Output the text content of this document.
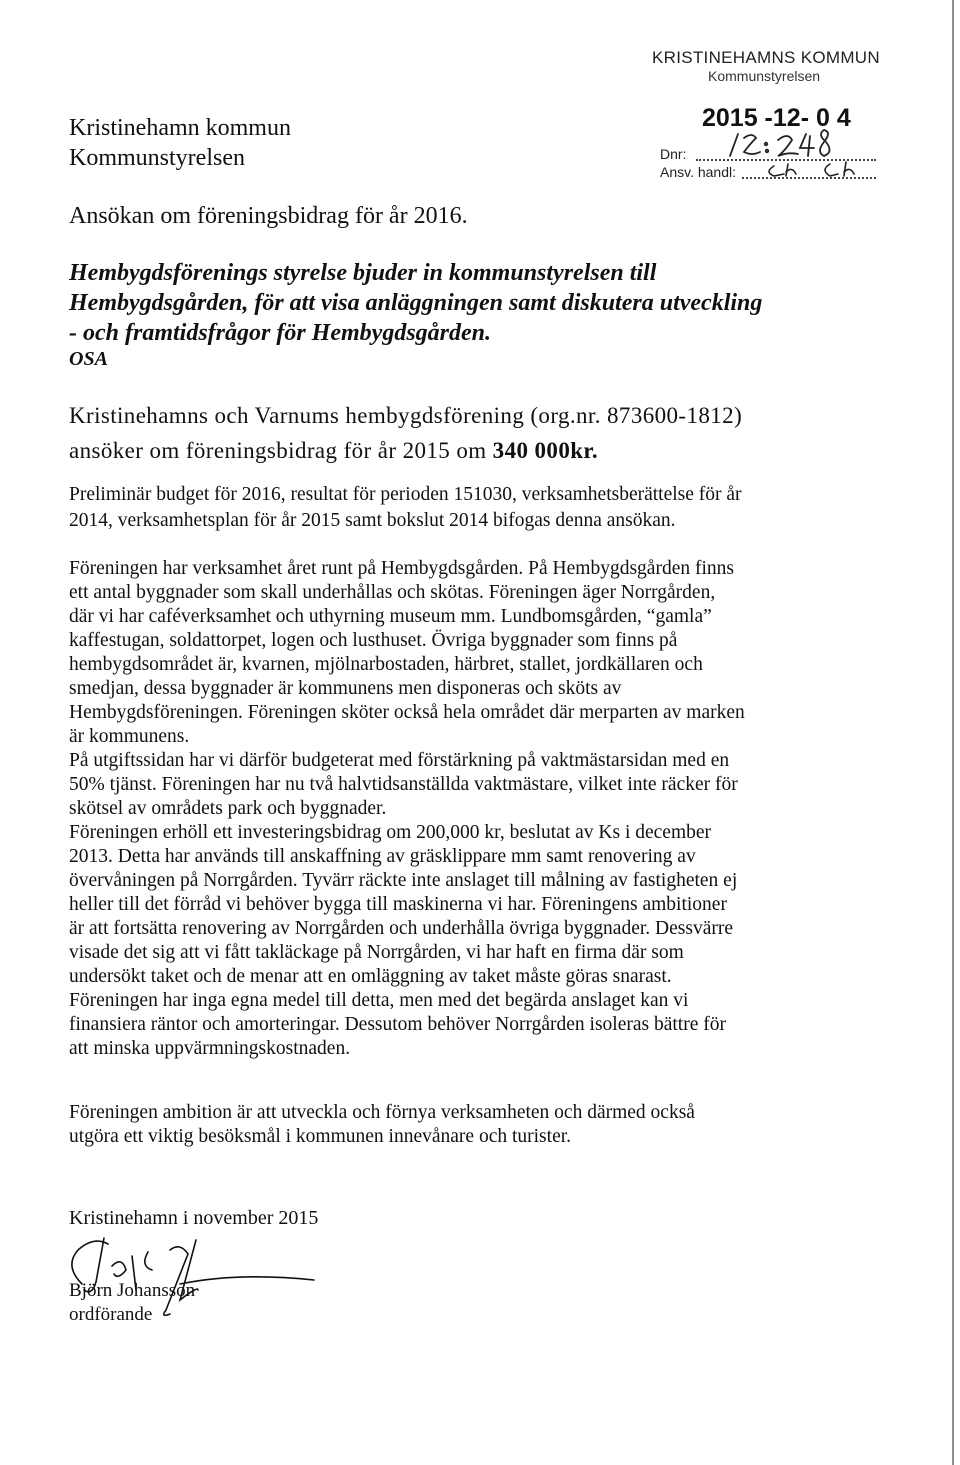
KRISTINEHAMNS KOMMUN
Kommunstyrelsen
2015 -12- 0 4
Dnr:
Ansv. handl:
Kristinehamn kommun
Kommunstyrelsen
Ansökan om föreningsbidrag för år 2016.
Hembygdsförenings styrelse bjuder in kommunstyrelsen till
Hembygdsgården, för att visa anläggningen samt diskutera utveckling
- och framtidsfrågor för Hembygdsgården.
OSA
Kristinehamns och Varnums hembygdsförening (org.nr. 873600-1812)
ansöker om föreningsbidrag för år 2015 om 340 000kr.
Preliminär budget för 2016, resultat för perioden 151030, verksamhetsberättelse för år
2014, verksamhetsplan för år 2015 samt bokslut 2014 bifogas denna ansökan.
Föreningen har verksamhet året runt på Hembygdsgården. På Hembygdsgården finns
ett antal byggnader som skall underhållas och skötas. Föreningen äger Norrgården,
där vi har caféverksamhet och uthyrning museum mm. Lundbomsgården, “gamla”
kaffestugan, soldattorpet, logen och lusthuset. Övriga byggnader som finns på
hembygdsområdet är, kvarnen, mjölnarbostaden, härbret, stallet, jordkällaren och
smedjan, dessa byggnader är kommunens men disponeras och sköts av
Hembygdsföreningen. Föreningen sköter också hela området där merparten av marken
är kommunens.
På utgiftssidan har vi därför budgeterat med förstärkning på vaktmästarsidan med en
50% tjänst. Föreningen har nu två halvtidsanställda vaktmästare, vilket inte räcker för
skötsel av områdets park och byggnader.
Föreningen erhöll ett investeringsbidrag om 200,000 kr, beslutat av Ks i december
2013. Detta har används till anskaffning av gräsklippare mm samt renovering av
övervåningen på Norrgården. Tyvärr räckte inte anslaget till målning av fastigheten ej
heller till det förråd vi behöver bygga till maskinerna vi har. Föreningens ambitioner
är att fortsätta renovering av Norrgården och underhålla övriga byggnader. Dessvärre
visade det sig att vi fått takläckage på Norrgården, vi har haft en firma där som
undersökt taket och de menar att en omläggning av taket måste göras snarast.
Föreningen har inga egna medel till detta, men med det begärda anslaget kan vi
finansiera räntor och amorteringar. Dessutom behöver Norrgården isoleras bättre för
att minska uppvärmningskostnaden.
Föreningen ambition är att utveckla och förnya verksamheten och därmed också
utgöra ett viktig besöksmål i kommunen innevånare och turister.
Kristinehamn i november 2015
Björn Johansson
ordförande
